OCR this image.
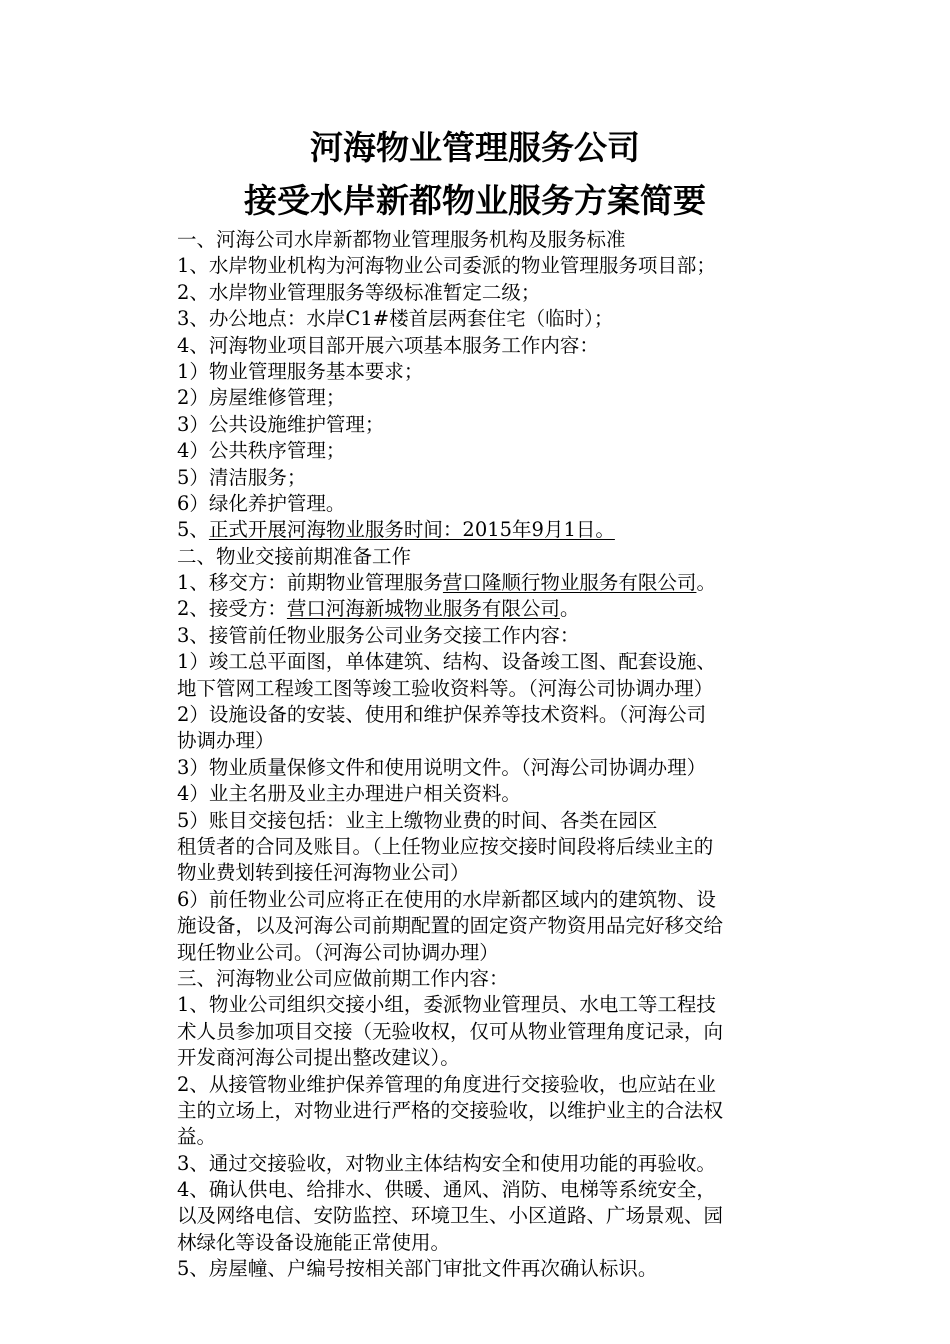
河海物业管理服务公司
接受水岸新都物业服务方案简要
一、河海公司水岸新都物业管理服务机构及服务标准
1、水岸物业机构为河海物业公司委派的物业管理服务项目部；
2、水岸物业管理服务等级标准暂定二级；
3、办公地点：水岸C1#楼首层两套住宅（临时）；
4、河海物业项目部开展六项基本服务工作内容：
1）物业管理服务基本要求；
2）房屋维修管理；
3）公共设施维护管理；
4）公共秩序管理；
5）清洁服务；
6）绿化养护管理。
5、正式开展河海物业服务时间：2015年9月1日。
二、物业交接前期准备工作
1、移交方：前期物业管理服务营口隆顺行物业服务有限公司。
2、接受方：营口河海新城物业服务有限公司。
3、接管前任物业服务公司业务交接工作内容：
1）竣工总平面图，单体建筑、结构、设备竣工图、配套设施、
地下管网工程竣工图等竣工验收资料等。（河海公司协调办理）
2）设施设备的安装、使用和维护保养等技术资料。（河海公司
协调办理）
3）物业质量保修文件和使用说明文件。（河海公司协调办理）
4）业主名册及业主办理进户相关资料。
5）账目交接包括：业主上缴物业费的时间、各类在园区
租赁者的合同及账目。（上任物业应按交接时间段将后续业主的
物业费划转到接任河海物业公司）
6）前任物业公司应将正在使用的水岸新都区域内的建筑物、设
施设备，以及河海公司前期配置的固定资产物资用品完好移交给
现任物业公司。（河海公司协调办理）
三、河海物业公司应做前期工作内容：
1、物业公司组织交接小组，委派物业管理员、水电工等工程技
术人员参加项目交接（无验收权，仅可从物业管理角度记录，向
开发商河海公司提出整改建议）。
2、从接管物业维护保养管理的角度进行交接验收，也应站在业
主的立场上，对物业进行严格的交接验收，以维护业主的合法权
益。
3、通过交接验收，对物业主体结构安全和使用功能的再验收。
4、确认供电、给排水、供暖、通风、消防、电梯等系统安全，
以及网络电信、安防监控、环境卫生、小区道路、广场景观、园
林绿化等设备设施能正常使用。
5、房屋幢、户编号按相关部门审批文件再次确认标识。
